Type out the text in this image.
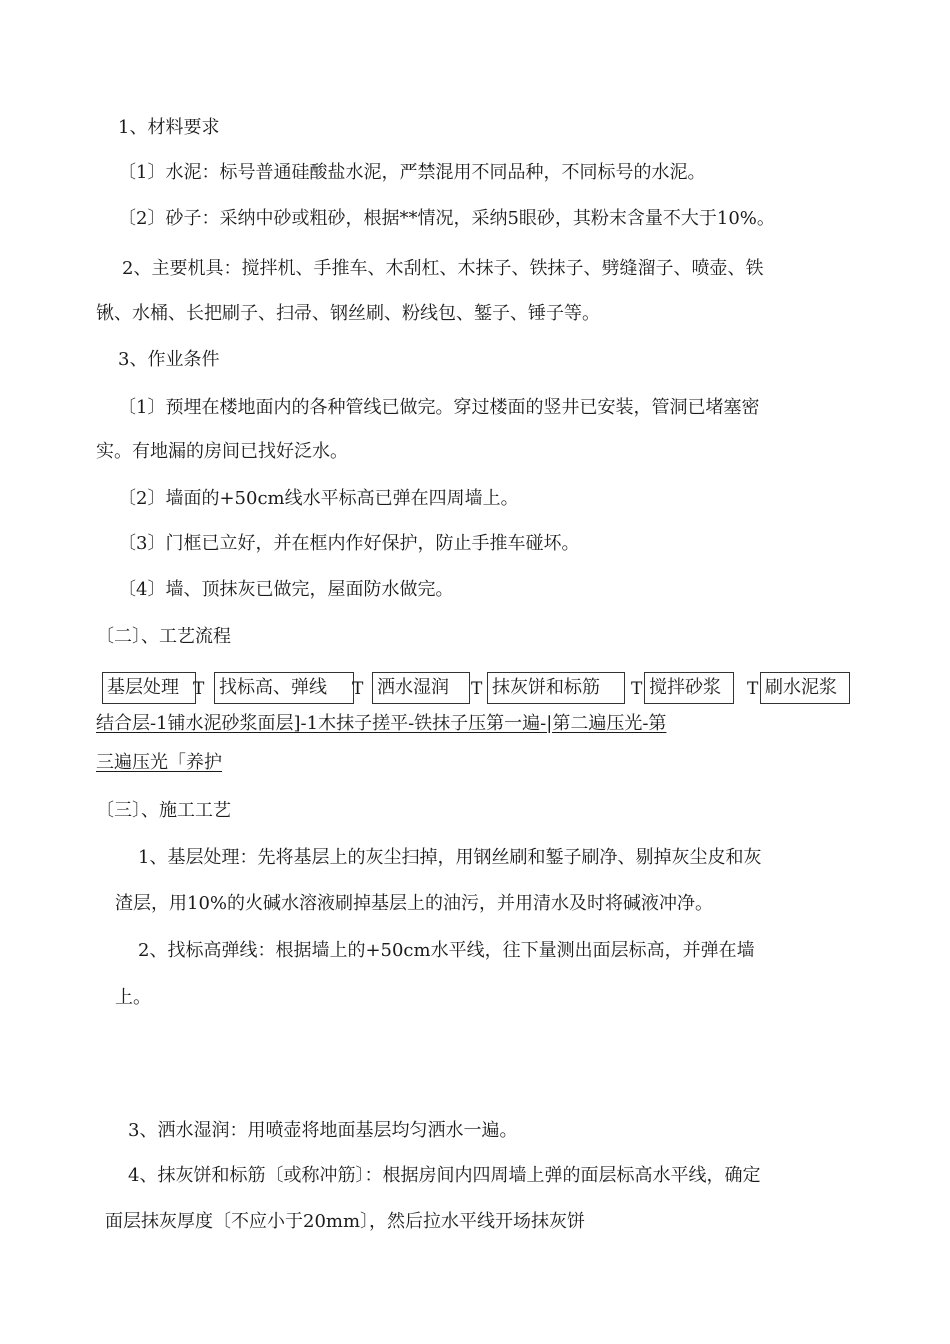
1、材料要求
〔1〕水泥：标号普通硅酸盐水泥，严禁混用不同品种，不同标号的水泥。
〔2〕砂子：采纳中砂或粗砂，根据**情况，采纳5眼砂，其粉末含量不大于10%。
2、主要机具：搅拌机、手推车、木刮杠、木抹子、铁抹子、劈缝溜子、喷壶、铁
锹、水桶、长把刷子、扫帚、钢丝刷、粉线包、錾子、锤子等。
3、作业条件
〔1〕预埋在楼地面内的各种管线已做完。穿过楼面的竖井已安装，管洞已堵塞密
实。有地漏的房间已找好泛水。
〔2〕墙面的+50cm线水平标高已弹在四周墙上。
〔3〕门框已立好，并在框内作好保护，防止手推车碰坏。
〔4〕墙、顶抹灰已做完，屋面防水做完。
〔二〕、工艺流程
基层处理 T 找标高、弹线	T 洒水湿润	T 抹灰饼和标筋	T 搅拌砂浆	T 刷水泥浆
结合层-1铺水泥砂浆面层]-1木抹子搓平-铁抹子压第一遍-|第二遍压光-第
三遍压光「养护
〔三〕、施工工艺
1、基层处理：先将基层上的灰尘扫掉，用钢丝刷和錾子刷净、剔掉灰尘皮和灰
渣层，用10%的火碱水溶液刷掉基层上的油污，并用清水及时将碱液冲净。
2、找标高弹线：根据墙上的+50cm水平线，往下量测出面层标高，并弹在墙
上。
3、洒水湿润：用喷壶将地面基层均匀洒水一遍。
4、抹灰饼和标筋〔或称冲筋〕：根据房间内四周墙上弹的面层标高水平线，确定
面层抹灰厚度〔不应小于20mm〕，然后拉水平线开场抹灰饼
